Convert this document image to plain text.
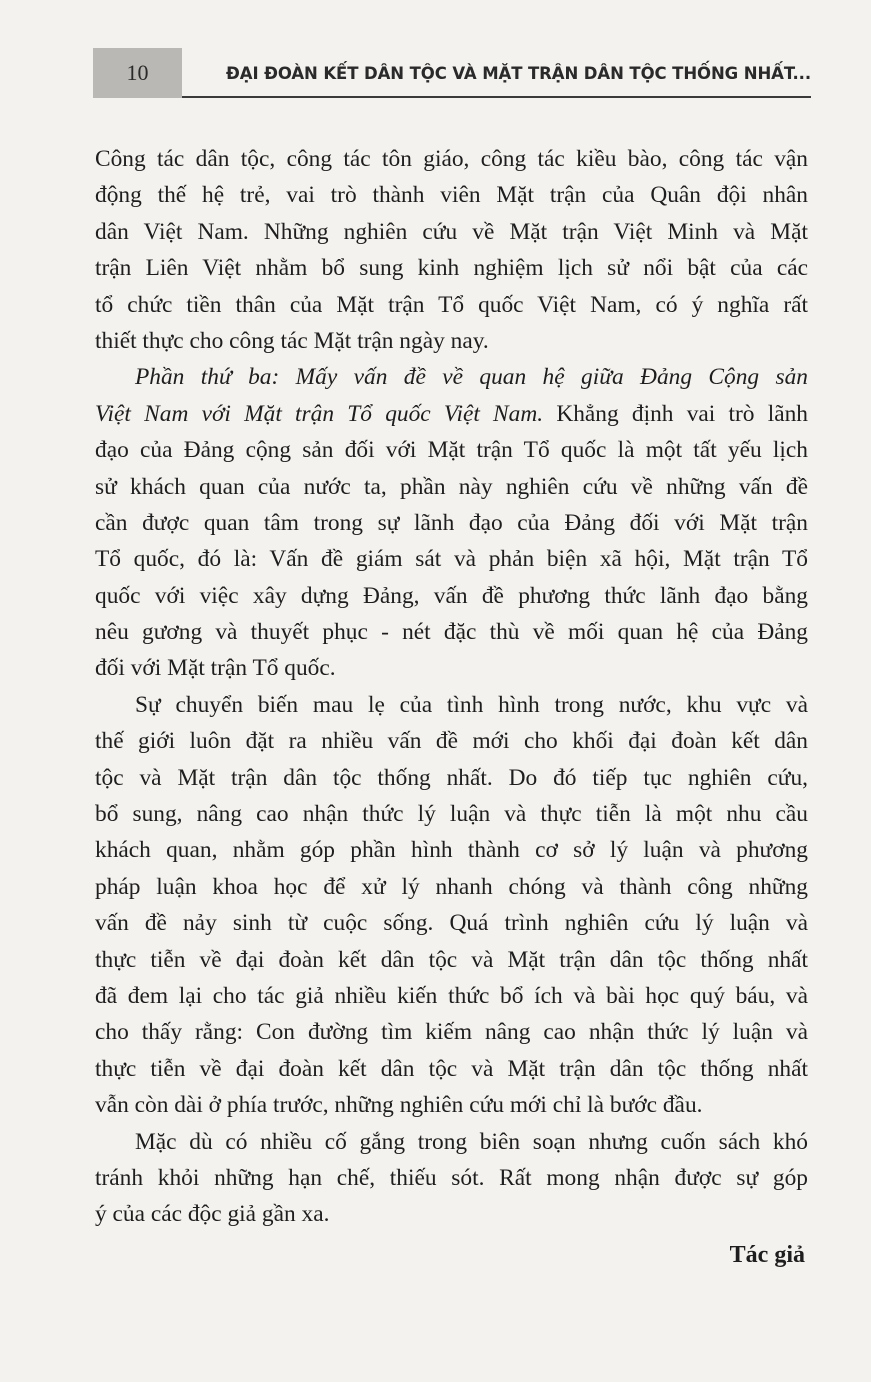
10	ĐẠI ĐOÀN KẾT DÂN TỘC VÀ MẶT TRẬN DÂN TỘC THỐNG NHẤT...
Công tác dân tộc, công tác tôn giáo, công tác kiều bào, công tác vận
động thế hệ trẻ, vai trò thành viên Mặt trận của Quân đội nhân
dân Việt Nam. Những nghiên cứu về Mặt trận Việt Minh và Mặt
trận Liên Việt nhằm bổ sung kinh nghiệm lịch sử nổi bật của các
tổ chức tiền thân của Mặt trận Tổ quốc Việt Nam, có ý nghĩa rất
thiết thực cho công tác Mặt trận ngày nay.
Phần thứ ba: Mấy vấn đề về quan hệ giữa Đảng Cộng sản
Việt Nam với Mặt trận Tổ quốc Việt Nam. Khẳng định vai trò lãnh
đạo của Đảng cộng sản đối với Mặt trận Tổ quốc là một tất yếu lịch
sử khách quan của nước ta, phần này nghiên cứu về những vấn đề
cần được quan tâm trong sự lãnh đạo của Đảng đối với Mặt trận
Tổ quốc, đó là: Vấn đề giám sát và phản biện xã hội, Mặt trận Tổ
quốc với việc xây dựng Đảng, vấn đề phương thức lãnh đạo bằng
nêu gương và thuyết phục - nét đặc thù về mối quan hệ của Đảng
đối với Mặt trận Tổ quốc.
Sự chuyển biến mau lẹ của tình hình trong nước, khu vực và
thế giới luôn đặt ra nhiều vấn đề mới cho khối đại đoàn kết dân
tộc và Mặt trận dân tộc thống nhất. Do đó tiếp tục nghiên cứu,
bổ sung, nâng cao nhận thức lý luận và thực tiễn là một nhu cầu
khách quan, nhằm góp phần hình thành cơ sở lý luận và phương
pháp luận khoa học để xử lý nhanh chóng và thành công những
vấn đề nảy sinh từ cuộc sống. Quá trình nghiên cứu lý luận và
thực tiễn về đại đoàn kết dân tộc và Mặt trận dân tộc thống nhất
đã đem lại cho tác giả nhiều kiến thức bổ ích và bài học quý báu, và
cho thấy rằng: Con đường tìm kiếm nâng cao nhận thức lý luận và
thực tiễn về đại đoàn kết dân tộc và Mặt trận dân tộc thống nhất
vẫn còn dài ở phía trước, những nghiên cứu mới chỉ là bước đầu.
Mặc dù có nhiều cố gắng trong biên soạn nhưng cuốn sách khó
tránh khỏi những hạn chế, thiếu sót. Rất mong nhận được sự góp
ý của các độc giả gần xa.
Tác giả
